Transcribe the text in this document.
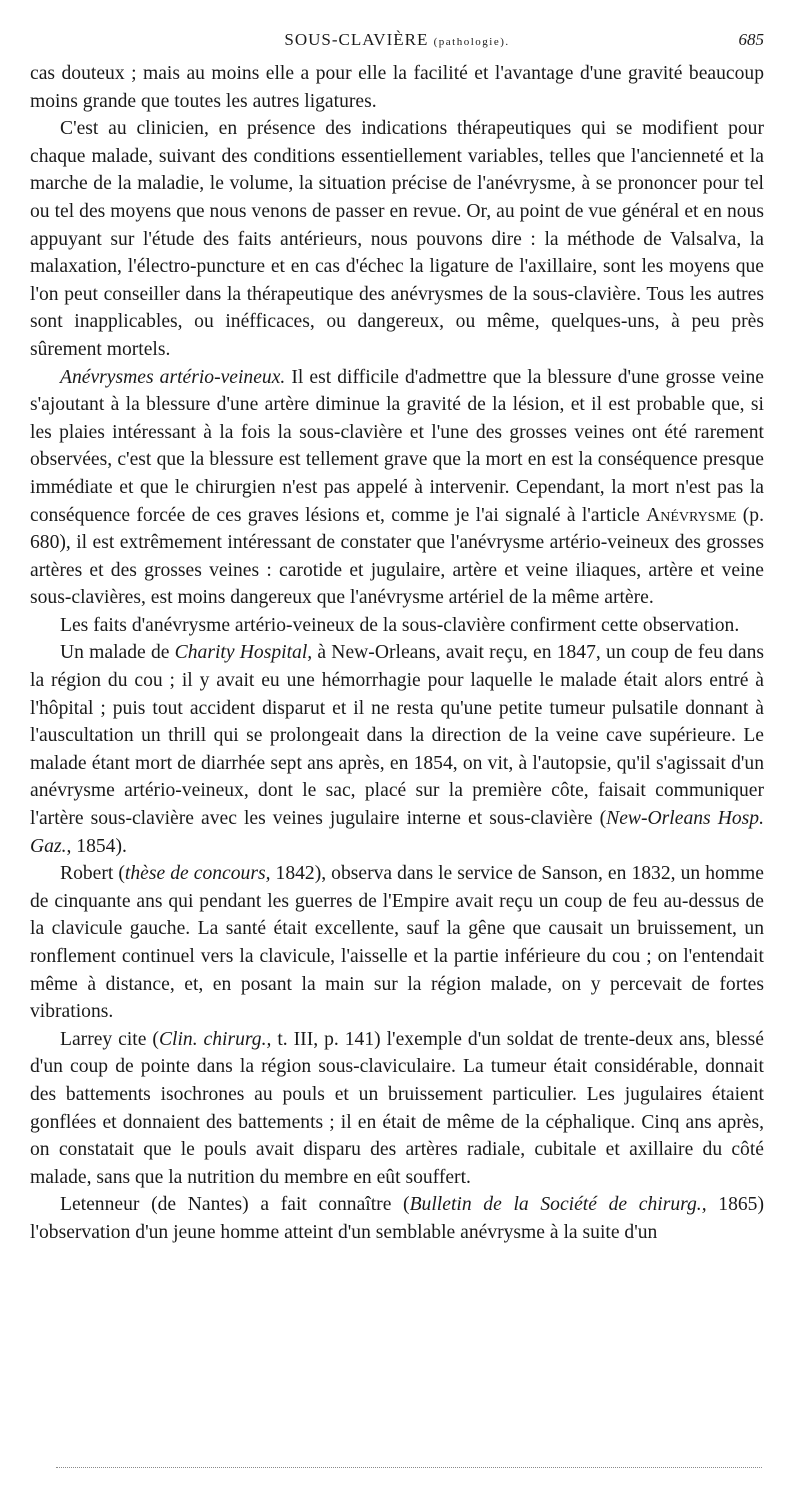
SOUS-CLAVIÈRE (pathologie).	685

cas douteux ; mais au moins elle a pour elle la facilité et l'avantage d'une gravité beaucoup moins grande que toutes les autres ligatures.

C'est au clinicien, en présence des indications thérapeutiques qui se modifient pour chaque malade, suivant des conditions essentiellement variables, telles que l'ancienneté et la marche de la maladie, le volume, la situation précise de l'anévrysme, à se prononcer pour tel ou tel des moyens que nous venons de passer en revue. Or, au point de vue général et en nous appuyant sur l'étude des faits antérieurs, nous pouvons dire : la méthode de Valsalva, la malaxation, l'électro-puncture et en cas d'échec la ligature de l'axillaire, sont les moyens que l'on peut conseiller dans la thérapeutique des anévrysmes de la sous-clavière. Tous les autres sont inapplicables, ou inéfficaces, ou dangereux, ou même, quelques-uns, à peu près sûrement mortels.

Anévrysmes artério-veineux. Il est difficile d'admettre que la blessure d'une grosse veine s'ajoutant à la blessure d'une artère diminue la gravité de la lésion, et il est probable que, si les plaies intéressant à la fois la sous-clavière et l'une des grosses veines ont été rarement observées, c'est que la blessure est tellement grave que la mort en est la conséquence presque immédiate et que le chirurgien n'est pas appelé à intervenir. Cependant, la mort n'est pas la conséquence forcée de ces graves lésions et, comme je l'ai signalé à l'article Anévrysme (p. 680), il est extrêmement intéressant de constater que l'anévrysme artério-veineux des grosses artères et des grosses veines : carotide et jugulaire, artère et veine iliaques, artère et veine sous-clavières, est moins dangereux que l'anévrysme artériel de la même artère.

Les faits d'anévrysme artério-veineux de la sous-clavière confirment cette observation.

Un malade de Charity Hospital, à New-Orleans, avait reçu, en 1847, un coup de feu dans la région du cou ; il y avait eu une hémorrhagie pour laquelle le malade était alors entré à l'hôpital ; puis tout accident disparut et il ne resta qu'une petite tumeur pulsatile donnant à l'auscultation un thrill qui se prolongeait dans la direction de la veine cave supérieure. Le malade étant mort de diarrhée sept ans après, en 1854, on vit, à l'autopsie, qu'il s'agissait d'un anévrysme artério-veineux, dont le sac, placé sur la première côte, faisait communiquer l'artère sous-clavière avec les veines jugulaire interne et sous-clavière (New-Orleans Hosp. Gaz., 1854).

Robert (thèse de concours, 1842), observa dans le service de Sanson, en 1832, un homme de cinquante ans qui pendant les guerres de l'Empire avait reçu un coup de feu au-dessus de la clavicule gauche. La santé était excellente, sauf la gêne que causait un bruissement, un ronflement continuel vers la clavicule, l'aisselle et la partie inférieure du cou ; on l'entendait même à distance, et, en posant la main sur la région malade, on y percevait de fortes vibrations.

Larrey cite (Clin. chirurg., t. III, p. 141) l'exemple d'un soldat de trente-deux ans, blessé d'un coup de pointe dans la région sous-claviculaire. La tumeur était considérable, donnait des battements isochrones au pouls et un bruissement particulier. Les jugulaires étaient gonflées et donnaient des battements ; il en était de même de la céphalique. Cinq ans après, on constatait que le pouls avait disparu des artères radiale, cubitale et axillaire du côté malade, sans que la nutrition du membre en eût souffert.

Letenneur (de Nantes) a fait connaître (Bulletin de la Société de chirurg., 1865) l'observation d'un jeune homme atteint d'un semblable anévrysme à la suite d'un
